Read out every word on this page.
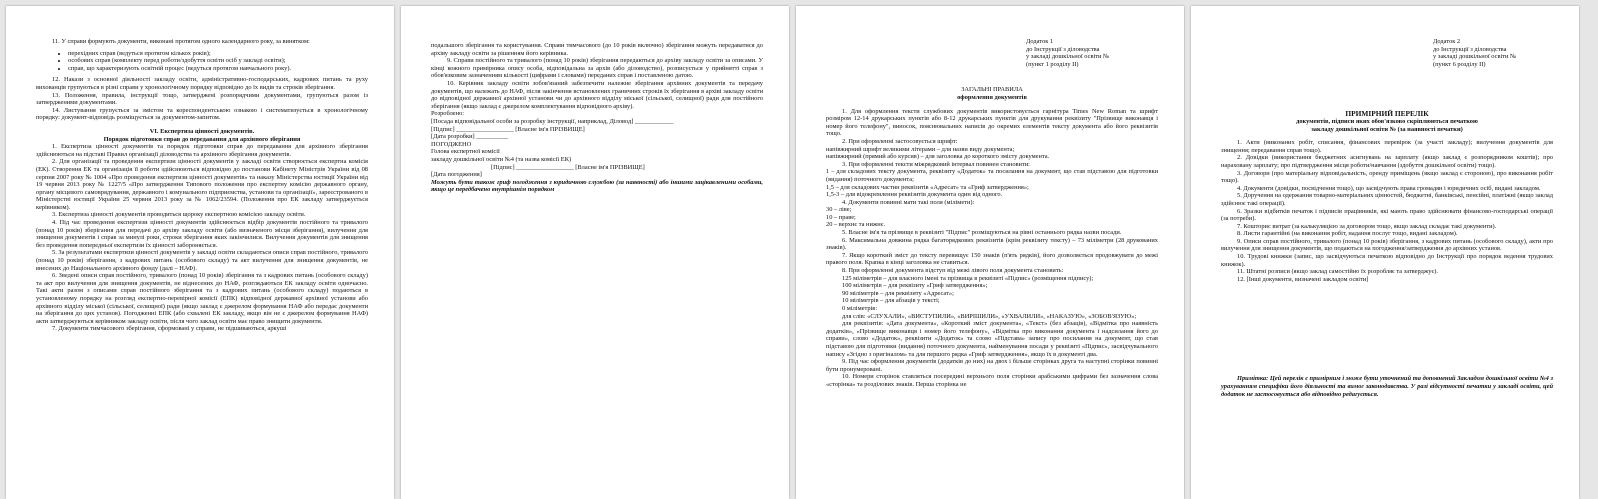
11. У справи формують документи, виконані протягом одного календарного року, за винятком:

• перехідних справ (ведуться протягом кількох років);
• особових справ (комплекту перед роботи/здобуття освіти осіб у закладі освіти);
• справ, що характеризують освітній процес (ведуться протягом навчального року).

12. Накази з основної діяльності закладу освіти, адміністративно-господарських, кадрових питань та руху вихованців групуються в різні справи у хронологічному порядку відповідно до їх видів та строків зберігання.

13. Положення, правила, інструкції тощо, затверджені розпорядчими документами, групуються разом із затвердженими документами.

14. Листування групується за змістом та кореспондентською ознакою і систематизується в хронологічному порядку: документ-відповідь розміщується за документом-запитом.

VI. Експертиза цінності документів.

Порядок підготовки справ до передавання для архівного зберігання

1. Експертиза цінності документів та порядок підготовки справ до передавання для архівного зберігання здійснюються на підставі Правил організації діловодства та архівного зберігання документів.

2. Для організації та проведення експертизи цінності документів у закладі освіти створюється експертна комісія (ЕК). Створення ЕК та організація її роботи здійснюються відповідно до постанови Кабінету Міністрів України від 08 серпня 2007 року № 1004 «Про проведення експертизи цінності документів» та наказу Міністерства юстиції України від 19 червня 2013 року № 1227/5 «Про затвердження Типового положення про експертну комісію державного органу, органу місцевого самоврядування, державного і комунального підприємства, установи та організації», зареєстрованого в Міністерстві юстиції України 25 червня 2013 року за № 1062/23594. (Положення про ЕК закладу затверджується керівником).

3. Експертиза цінності документів проводиться щороку експертною комісією закладу освіти.

4. Під час проведення експертизи цінності документів здійснюється відбір документів постійного та тривалого (понад 10 років) зберігання для передачі до архіву закладу освіти (або визначеного місця зберігання), вилучення для знищення документів і справ за минулі роки, строки зберігання яких закінчилися. Вилучення документів для знищення без проведення попередньої експертизи їх цінності забороняється.

5. За результатами експертизи цінності документів у закладі освіти складаються описи справ постійного, тривалого (понад 10 років) зберігання, з кадрових питань (особового складу) та акт вилучення для знищення документів, не внесених до Національного архівного фонду (далі – НАФ).

6. Зведені описи справ постійного, тривалого (понад 10 років) зберігання та з кадрових питань (особового складу) та акт про вилучення для знищення документів, не віднесених до НАФ, розглядаються ЕК закладу освіти одночасно. Такі акти разом з описами справ постійного зберігання та з кадрових питань (особового складу) подаються в установленому порядку на розгляд експертно-перевірної комісії (ЕПК) відповідної державної архівної установи або архівного відділу міської (сільської, селищної) ради (якщо заклад є джерелом формування НАФ або передає документи на зберігання до цих установ). Погодженні ЕПК (або схвалені ЕК закладу, якщо він не є джерелом формування НАФ) акти затверджуються керівником закладу освіти, після чого заклад освіти має право знищити документи.

7. Документи тимчасового зберігання, сформовані у справи, не підшиваються, аркуші

подальшого зберігання та користування. Справи тимчасового (до 10 років включно) зберігання можуть передаватися до архіву закладу освіти за рішенням його керівника.

9. Справи постійного та тривалого (понад 10 років) зберігання передаються до архіву закладу освіти за описами. У кінці кожного примірника опису особа, відповідальна за архів (або діловодство), розписується у прийнятті справ з обов'язковим зазначенням кількості (цифрами і словами) переданих справ і поставленою датою.

10. Керівник закладу освіти зобов'язаний забезпечити належне зберігання архівних документів та передачу документів, що належать до НАФ, після закінчення встановлених граничних строків їх зберігання в архіві закладу освіти до відповідної державної архівної установи чи до архівного відділу міської (сільської, селищної) ради для постійного зберігання (якщо заклад є джерелом комплектування відповідного архіву).

Розроблено:

[Посада відповідальної особи за розробку інструкції, наприклад, Діловод] ____________

[Підпис] __________________ [Власне ім'я ПРІЗВИЩЕ]

[Дата розробки] __________

ПОГОДЖЕНО

Голова експертної комісії

закладу дошкільної освіти №4 (та назва комісії ЕК)

[Підпис] __________________ [Власне ім'я ПРІЗВИЩЕ]

[Дата погодження]

Можуть бути також гриф погодження з юридичною службою (за наявності) або іншими зацікавленими особами, якщо це передбачено внутрішнім порядком

Додаток 1

до Інструкції з діловодства

у закладі дошкільної освіти №

(пункт 1 розділу II)

ЗАГАЛЬНІ ПРАВИЛА

оформлення документів

1. Для оформлення тексти службових документів використовується гарнітура Times New Roman та шрифт розміром 12-14 друкарських пунктів або 8-12 друкарських пунктів для друкування реквізиту "Прізвище виконавця і номер його телефону", виносок, пояснювальних написів до окремих елементів тексту документа або його реквізитів тощо.

2. При оформленні застосовується шрифт:

напівжирний шрифт великими літерами – для назви виду документа;

напівжирний (прямий або курсив) – для заголовка до короткого змісту документа.

3. При оформленні тексти міжрядковий інтервал повинен становити:

1 – для складових тексту документа, реквізиту «Додаток» та посилання на документ, що став підставою для підготовки (видання) поточного документа;

1,5 – для складових частин реквізитів «Адресат» та «Гриф затвердження»;

1,5-3 – для відокремлення реквізитів документа один від одного.

4. Документи повинні мати такі поля (мілімети):

30 – ліве;

10 – праве;

20 – верхнє та нижнє.

5. Власне ім'я та прізвище в реквізиті "Підпис" розміщуються на рівні останнього рядка назви посади.

6. Максимальна довжина рядка багаторядкових реквізитів (крім реквізиту тексту) – 73 міліметри (28 друкованих знаків).

7. Якщо короткий зміст до тексту перевищує 150 знаків (п'ять рядків), його дозволяється продовжувати до межі правого поля. Крапка в кінці заголовка не ставиться.

8. При оформленні документа відступ від межі лівого поля документа становить:

125 міліметрів – для власного імені та прізвища в реквізиті «Підпис» (розміщення підпису);

100 міліметрів – для реквізиту «Гриф затвердження»;

90 міліметрів – для реквізиту «Адресат»;

10 міліметрів – для абзаців у тексті;

0 міліметрів:

для слів: «СЛУХАЛИ», «ВИСТУПИЛИ», «ВИРІШИЛИ», «УХВАЛИЛИ», «НАКАЗУЮ», «ЗОБОВ'ЯЗУЮ»;

для реквізитів: «Дата документа», «Короткий зміст документа», «Текст» (без абзаців), «Відмітка про наявність додатків», «Прізвище виконавця і номер його телефону», «Відмітка про виконання документа і надсилання його до справи», слово «Додаток», реквізити «Додаток» та слово «Підстава» запису про посилання на документ, що став підставою для підготовки (видання) поточного документа, найменування посади у реквізиті «Підпис», засвідчувального напису «Згідно з оригіналом» та для першого рядка «Гриф затвердження», якщо їх в документі два.

9. Під час оформлення документів (додатків до них) на двох і більше сторінках друга та наступні сторінки повинні бути пронумеровані.

10. Номери сторінок ставляться посередині верхнього поля сторінки арабськими цифрами без зазначення слова «сторінка» та розділових знаків. Перша сторінка не

Додаток 2

до Інструкції з діловодства

у закладі дошкільної освіти №

(пункт 6 розділу II)

ПРИМІРНИЙ ПЕРЕЛІК

документів, підписи яких обов'язково скріплюються печаткою

закладу дошкільної освіти № (за наявності печатки)

1. Акти (виконаних робіт, списання, фінансових перевірок (за участі закладу); вилучення документів для знищення; передавання справ тощо).

2. Довідки (використання бюджетних асигнувань на зарплату (якщо заклад є розпорядником коштів); про нараховану зарплату; про підтвердження місця роботи/навчання (здобуття дошкільної освіти) тощо).

3. Договори (про матеріальну відповідальність, оренду приміщень (якщо заклад є стороною), про виконання робіт тощо).

4. Документи (довідки, посвідчення тощо), що засвідчують права громадян і юридичних осіб, видані закладом.

5. Доручення на одержання товарно-матеріальних цінностей, бюджетні, банківські, пенсійні, платіжні (якщо заклад здійснює такі операції).

6. Зразки відбитків печаток і підписів працівників, які мають право здійснювати фінансово-господарські операції (за потреби).

7. Кошторис витрат (за калькуляцією за договором тощо, якщо заклад складає такі документи).

8. Листи гарантійні (на виконання робіт, надання послуг тощо, видані закладом).

9. Описи справ постійного, тривалого (понад 10 років) зберігання, з кадрових питань (особового складу), акти про вилучення для знищення документів, що подаються на погодження/затвердження до архівних установ.

10. Трудові книжки (запис, що засвідчуються печаткою відповідно до Інструкції про порядок ведення трудових книжок).

11. Штатні розписи (якщо заклад самостійно їх розробляє та затверджує).

12. [Інші документи, визначені закладом освіти]

Примітка: Цей перелік є примірним і може бути уточнений та доповнений Закладом дошкільної освіти №4 з урахуванням специфіки його діяльності та вимог законодавства. У разі відсутності печатки у закладі освіти, цей додаток не застосовується або відповідно редагується.
